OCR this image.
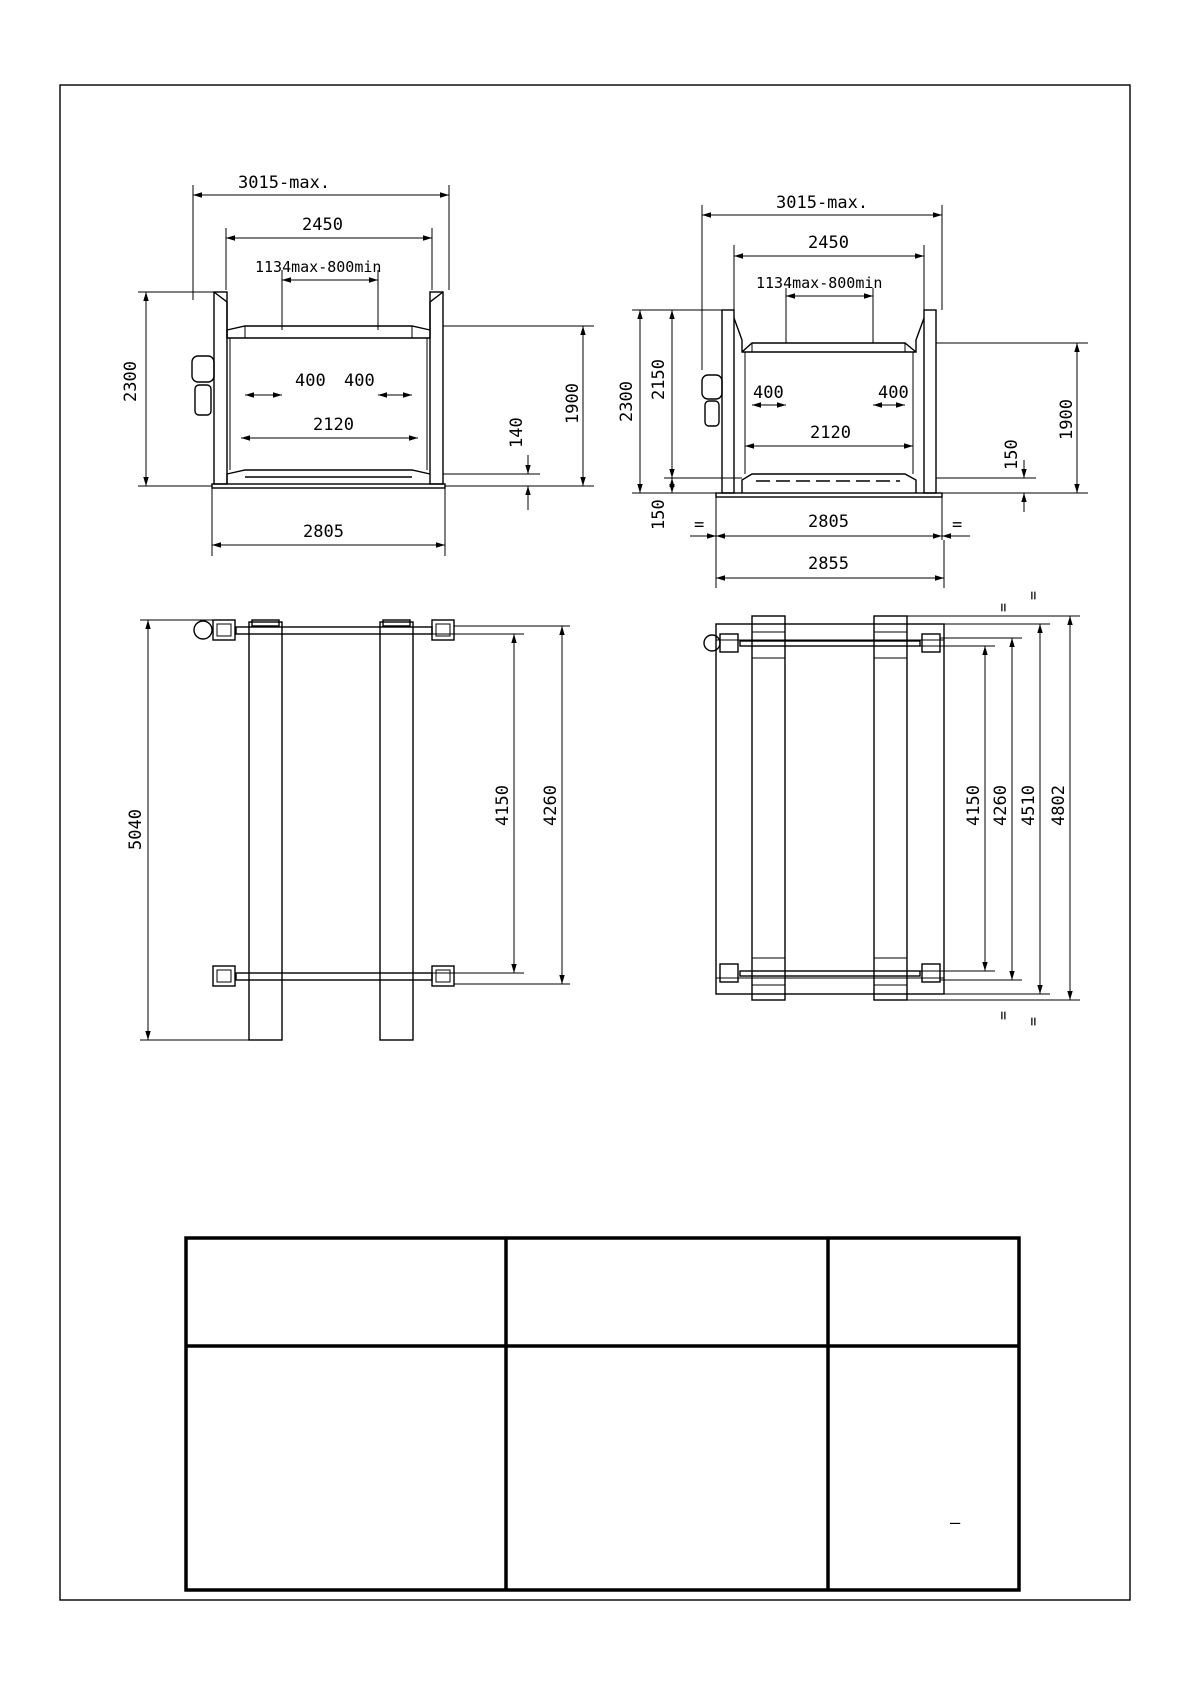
3015-max.
2450
1134max-800min
400 400
2120
2300
1900
140
2805
3015-max.
2450
1134max-800min
400	400
2120
2300
2150
150
1900
150
2805
=	=
2855
5040
4150 4260	4150 4260 4510 4802
=
=
=
=
–
